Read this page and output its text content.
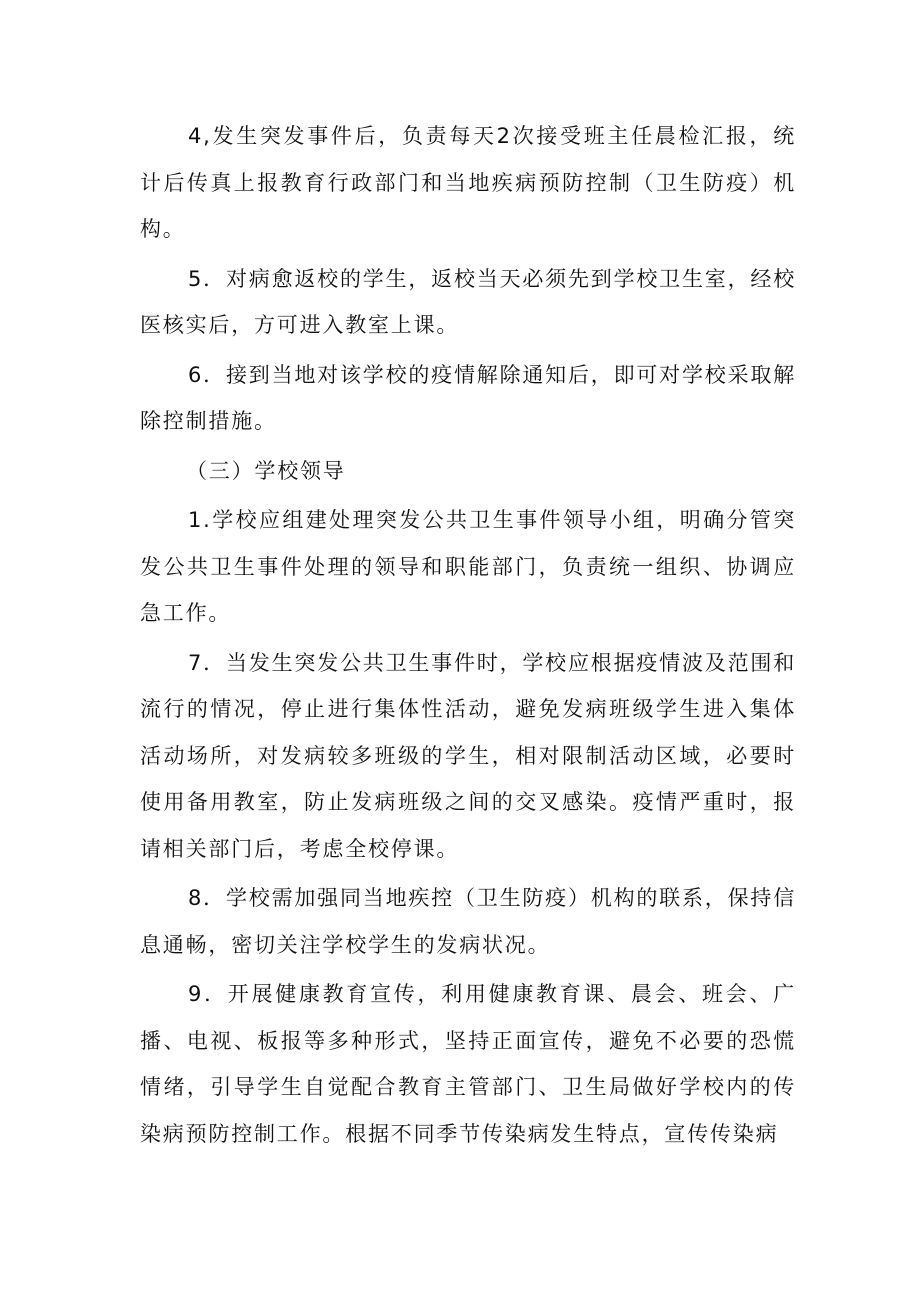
4,发生突发事件后，负责每天2次接受班主任晨检汇报，统计后传真上报教育行政部门和当地疾病预防控制（卫生防疫）机构。

5．对病愈返校的学生，返校当天必须先到学校卫生室，经校医核实后，方可进入教室上课。

6．接到当地对该学校的疫情解除通知后，即可对学校采取解除控制措施。

（三）学校领导

1.学校应组建处理突发公共卫生事件领导小组，明确分管突发公共卫生事件处理的领导和职能部门，负责统一组织、协调应急工作。

7．当发生突发公共卫生事件时，学校应根据疫情波及范围和流行的情况，停止进行集体性活动，避免发病班级学生进入集体活动场所，对发病较多班级的学生，相对限制活动区域，必要时使用备用教室，防止发病班级之间的交叉感染。疫情严重时，报请相关部门后，考虑全校停课。

8．学校需加强同当地疾控（卫生防疫）机构的联系，保持信息通畅，密切关注学校学生的发病状况。

9．开展健康教育宣传，利用健康教育课、晨会、班会、广播、电视、板报等多种形式，坚持正面宣传，避免不必要的恐慌情绪，引导学生自觉配合教育主管部门、卫生局做好学校内的传染病预防控制工作。根据不同季节传染病发生特点，宣传传染病
